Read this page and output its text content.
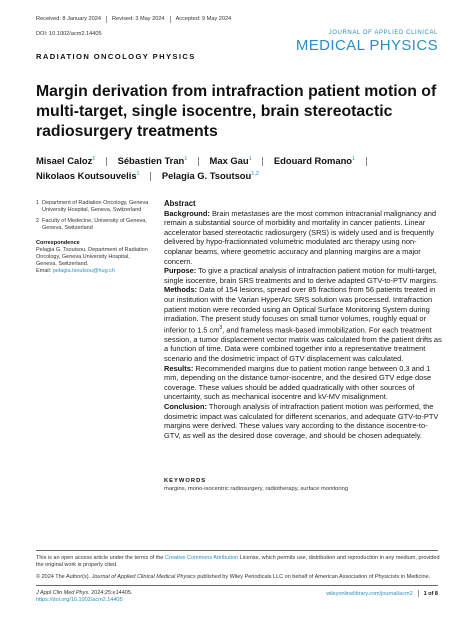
Received: 8 January 2024 Revised: 3 May 2024 Accepted: 9 May 2024
DOI: 10.1002/acm2.14405	JOURNAL OF APPLIED CLINICAL
MEDICAL PHYSICS
RADIATION ONCOLOGY PHYSICS
Margin derivation from intrafraction patient motion of multi-target, single isocentre, brain stereotactic radiosurgery treatments
Misael Caloz$^1$ Sébastien Tran$^1$ Max Gau$^1$ Edouard Romano$^1$
Nikolaos Koutsouvelis$^1$ Pelagia G. Tsoutsou$^{1,2}$
1 Department of Radiation Oncology, Geneva University Hospital, Geneva, Switzerland
2 Faculty of Medecine, University of Geneva, Geneva, Switzerland
Correspondence
Pelagia G. Tsoutsou, Department of Radiation Oncology, Geneva University Hospital, Geneva, Switzerland.
Email: pelagia.tsoutsou@hug.ch
Abstract

Background: Brain metastases are the most common intracranial malignancy and remain a substantial source of morbidity and mortality in cancer patients. Linear accelerator based stereotactic radiosurgery (SRS) is widely used and is frequently delivered by hypo-fractionnated volumetric modulated arc therapy using non-coplanar beams, where geometric accuracy and planning margins are a major concern.

Purpose: To give a practical analysis of intrafraction patient motion for multi-target, single isocentre, brain SRS treatments and to derive adapted GTV-to-PTV margins.

Methods: Data of 154 lesions, spread over 85 fractions from 56 patients treated in our institution with the Varian HyperArc SRS solution was processed. Intrafraction patient motion were recorded using an Optical Surface Monitoring System during irradiation. The present study focuses on small tumor volumes, roughly equal or inferior to 1.5 $cm^3$, and frameless mask-based immobilization. For each treatment session, a tumor displacement vector matrix was calculated from the patient drifts as a function of time. Data were combined together into a representative treatment scenario and the dosimetric impact of GTV displacement was calculated.

Results: Recommended margins due to patient motion range between 0.3 and 1 mm, depending on the distance tumor-isocentre, and the desired GTV edge dose coverage. These values should be added quadratically with other sources of uncertainty, such as mechanical isocentre and kV-MV misalignment.

Conclusion: Thorough analysis of intrafraction patient motion was performed, the dosimetric impact was calculated for different scenarios, and adequate GTV-to-PTV margins were derived. These values vary according to the distance isocentre-to-GTV, as well as the desired dose coverage, and should be chosen adequately.

KEYWORDS
margins, mono-isocentric radiosurgery, radiotherapy, surface monitoring
This is an open access article under the terms of the Creative Commons Attribution License, which permits use, distribution and reproduction in any medium, provided the original work is properly cited.
© 2024 The Author(s). Journal of Applied Clinical Medical Physics published by Wiley Periodicals LLC on behalf of American Association of Physicists in Medicine.
J Appl Clin Med Phys. 2024;25:e14405.
https://doi.org/10.1002/acm2.14405
wileyonlinelibrary.com/journal/acm2 1 of 8
